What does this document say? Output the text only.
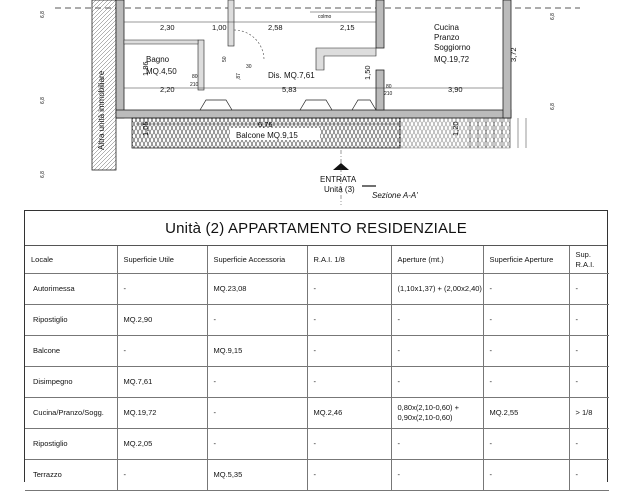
6,8	6,8
6,8
6,8
6,8
Altra unità immobiliare
Bagno
MQ.4,50	Dis. MQ.7,61
Cucina
Pranzo
Soggiorno
MQ.19,72
Balcone MQ.9,15
ENTRATA
Unità (3)
Sezione A-A'
colmo
2,30	1,00	2,58	2,15
2,20	5,83	3,90
6,76
3,72
1,86	1,50
1,05	1,20
80
210	80
210
50
30
,87
Unità (2) APPARTAMENTO RESIDENZIALE
Locale	Superficie Utile	Superficie Accessoria	R.A.I. 1/8	Aperture (mt.)	Superficie Aperture	Sup. R.A.I.
Autorimessa	-	MQ.23,08	-	(1,10x1,37) + (2,00x2,40)	-	-
Ripostiglio	MQ.2,90	-	-	-	-	-
Balcone	-	MQ.9,15	-	-	-	-
Disimpegno	MQ.7,61	-	-	-	-	-
Cucina/Pranzo/Sogg.	MQ.19,72	-	MQ.2,46	0,80x(2,10-0,60) + 0,90x(2,10-0,60)	MQ.2,55	> 1/8
Ripostiglio	MQ.2,05	-	-	-	-	-
Terrazzo	-	MQ.5,35	-	-	-	-
